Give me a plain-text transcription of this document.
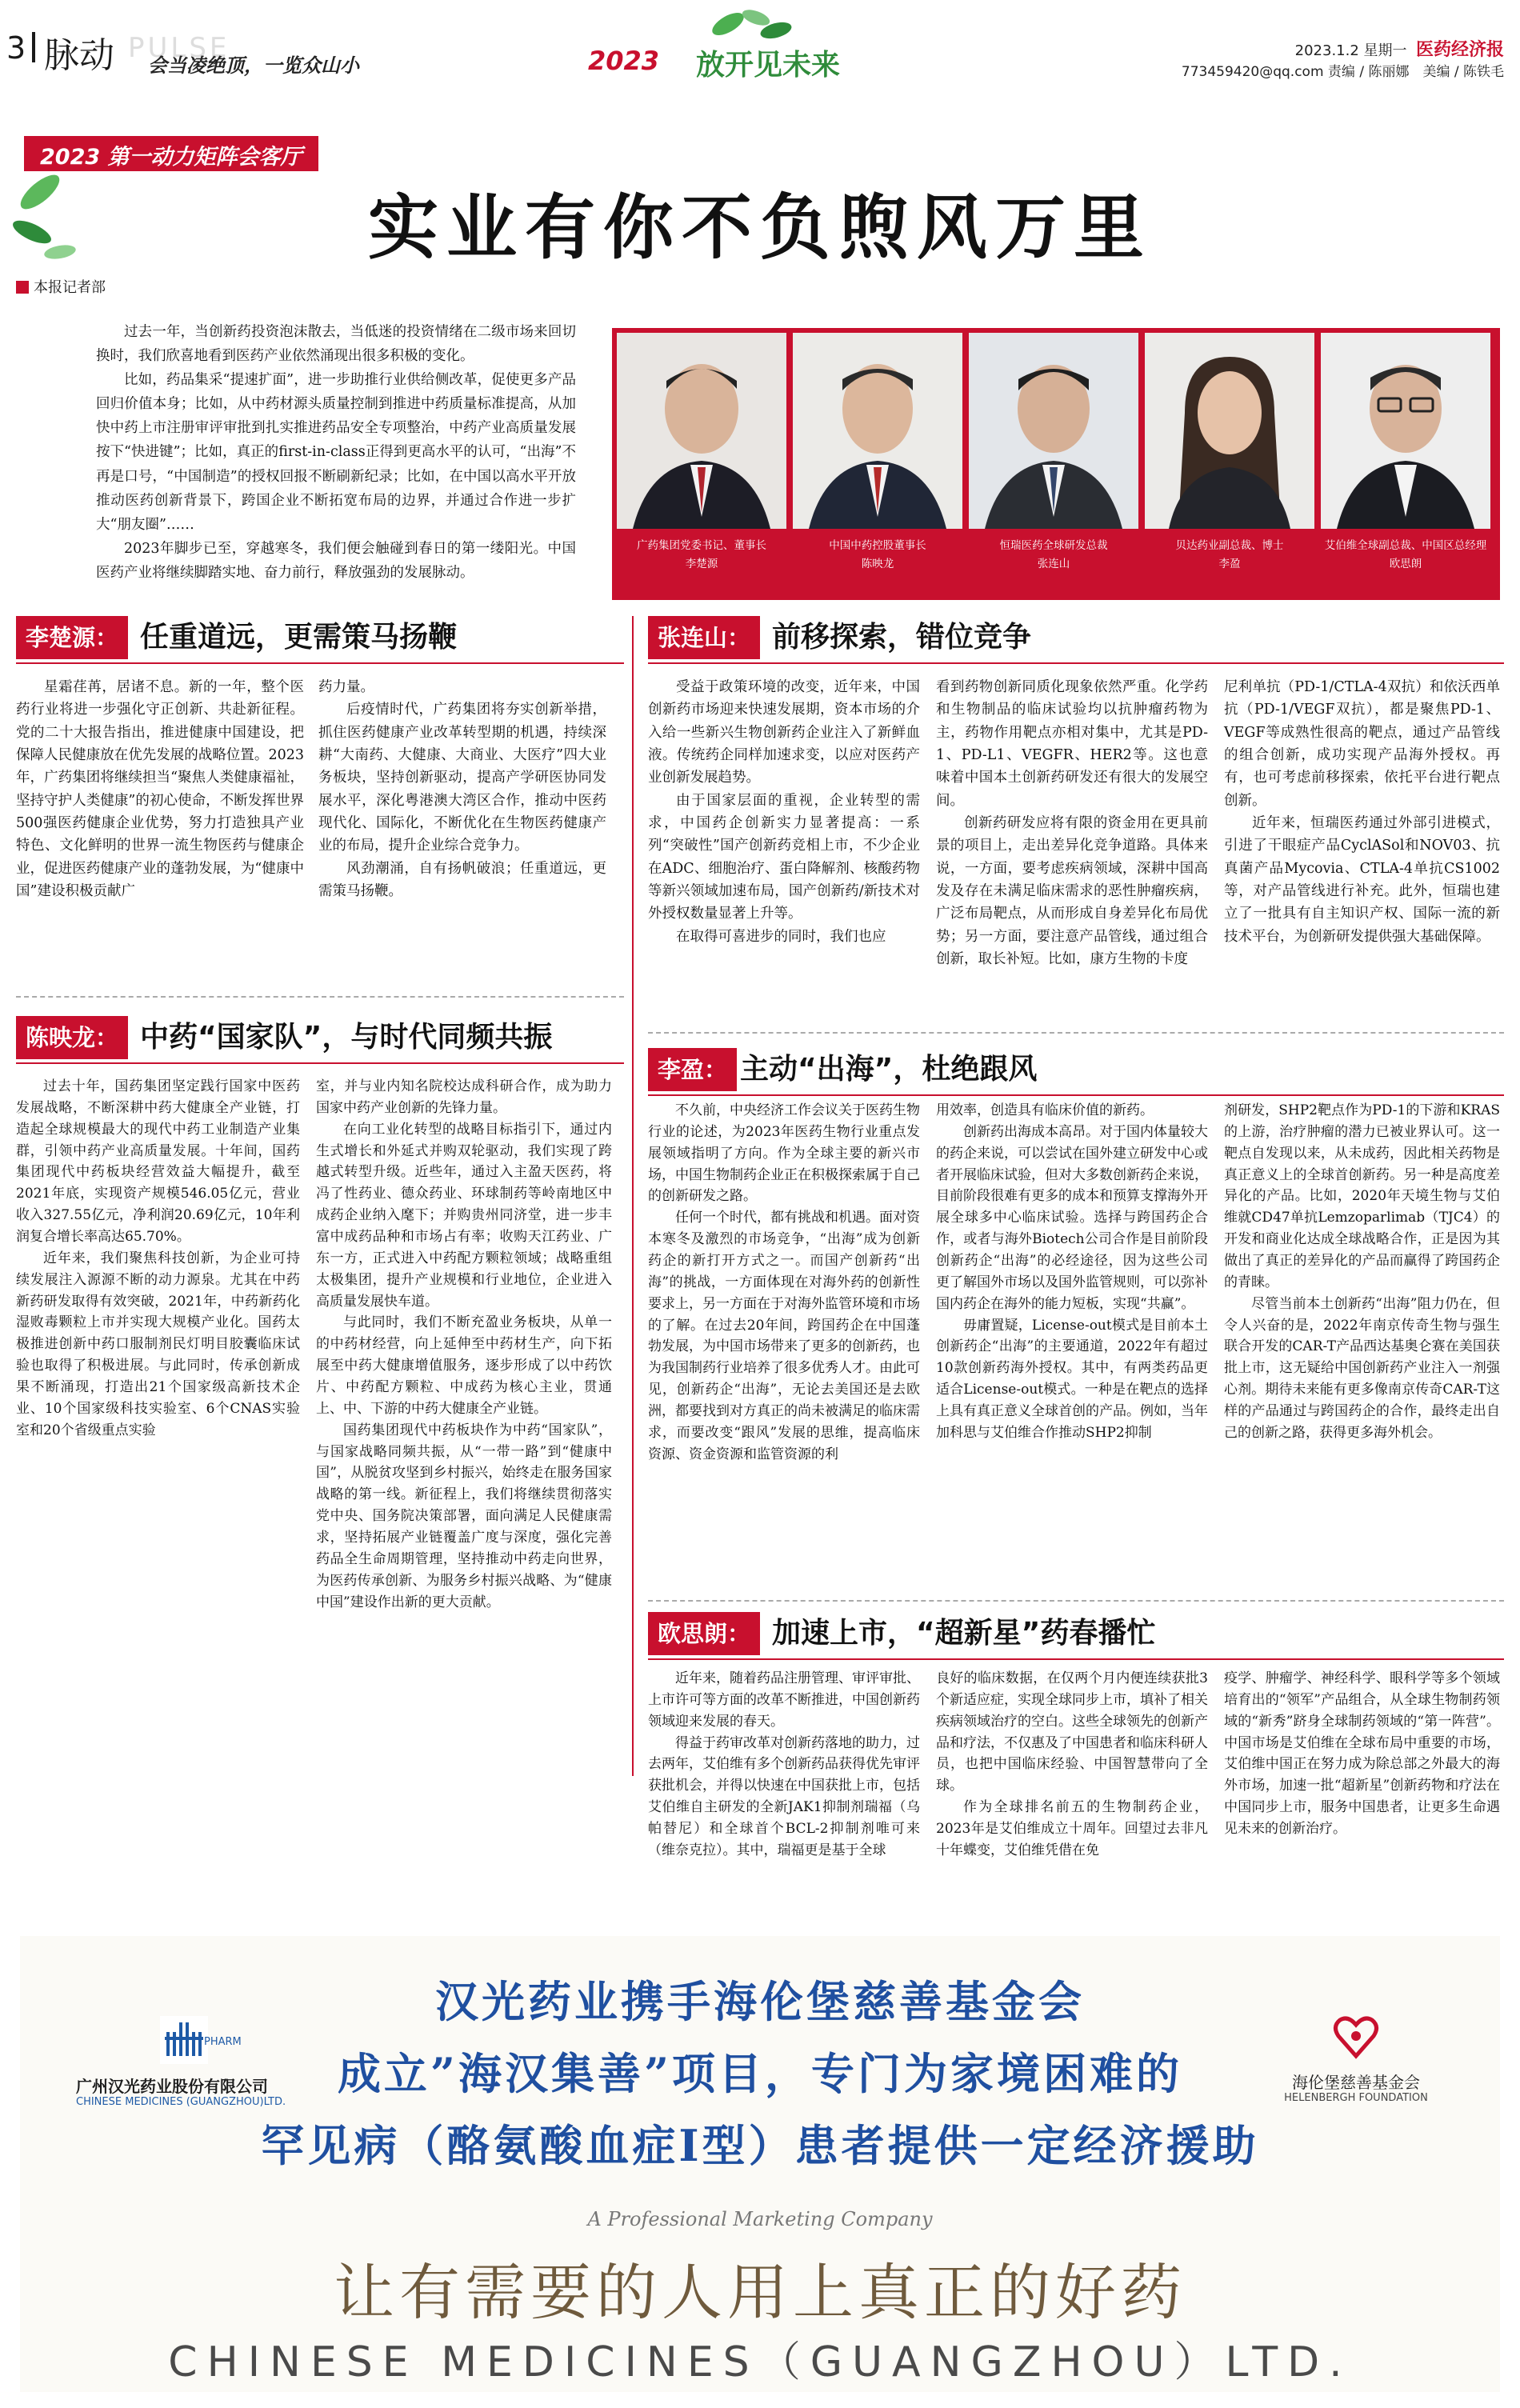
3 脉动 PULSE
会当凌绝顶，一览众山小	2023 放开见未来	2023.1.2 星期一 医药经济报
773459420@qq.com 责编 / 陈丽娜　美编 / 陈铁毛
2023 第一动力矩阵会客厅
实业有你不负煦风万里
本报记者部

过去一年，当创新药投资泡沫散去，当低迷的投资情绪在二级市场来回切换时，我们欣喜地看到医药产业依然涌现出很多积极的变化。

比如，药品集采“提速扩面”，进一步助推行业供给侧改革，促使更多产品回归价值本身；比如，从中药材源头质量控制到推进中药质量标准提高，从加快中药上市注册审评审批到扎实推进药品安全专项整治，中药产业高质量发展按下“快进键”；比如，真正的first-in-class正得到更高水平的认可，“出海”不再是口号，“中国制造”的授权回报不断刷新纪录；比如，在中国以高水平开放推动医药创新背景下，跨国企业不断拓宽布局的边界，并通过合作进一步扩大“朋友圈”……

2023年脚步已至，穿越寒冬，我们便会触碰到春日的第一缕阳光。中国医药产业将继续脚踏实地、奋力前行，释放强劲的发展脉动。

广药集团党委书记、董事长
李楚源
中国中药控股董事长
陈映龙
恒瑞医药全球研发总裁
张连山
贝达药业副总裁、博士
李盈
艾伯维全球副总裁、中国区总经理
欧思朗
李楚源： 任重道远，更需策马扬鞭

星霜荏苒，居诸不息。新的一年，整个医药行业将进一步强化守正创新、共赴新征程。党的二十大报告指出，推进健康中国建设，把保障人民健康放在优先发展的战略位置。2023年，广药集团将继续担当“聚焦人类健康福祉，坚持守护人类健康”的初心使命，不断发挥世界500强医药健康企业优势，努力打造独具产业特色、文化鲜明的世界一流生物医药与健康企业，促进医药健康产业的蓬勃发展，为“健康中国”建设积极贡献广

药力量。

后疫情时代，广药集团将夯实创新举措，抓住医药健康产业改革转型期的机遇，持续深耕“大南药、大健康、大商业、大医疗”四大业务板块，坚持创新驱动，提高产学研医协同发展水平，深化粤港澳大湾区合作，推动中医药现代化、国际化，不断优化在生物医药健康产业的布局，提升企业综合竞争力。

风劲潮涌，自有扬帆破浪；任重道远，更需策马扬鞭。

张连山： 前移探索，错位竞争

受益于政策环境的改变，近年来，中国创新药市场迎来快速发展期，资本市场的介入给一些新兴生物创新药企业注入了新鲜血液。传统药企同样加速求变，以应对医药产业创新发展趋势。

由于国家层面的重视，企业转型的需求，中国药企创新实力显著提高：一系列“突破性”国产创新药竞相上市，不少企业在ADC、细胞治疗、蛋白降解剂、核酸药物等新兴领域加速布局，国产创新药/新技术对外授权数量显著上升等。

在取得可喜进步的同时，我们也应

看到药物创新同质化现象依然严重。化学药和生物制品的临床试验均以抗肿瘤药物为主，药物作用靶点亦相对集中，尤其是PD-1、PD-L1、VEGFR、HER2等。这也意味着中国本土创新药研发还有很大的发展空间。

创新药研发应将有限的资金用在更具前景的项目上，走出差异化竞争道路。具体来说，一方面，要考虑疾病领域，深耕中国高发及存在未满足临床需求的恶性肿瘤疾病，广泛布局靶点，从而形成自身差异化布局优势；另一方面，要注意产品管线，通过组合创新，取长补短。比如，康方生物的卡度

尼利单抗（PD-1/CTLA-4双抗）和依沃西单抗（PD-1/VEGF双抗），都是聚焦PD-1、VEGF等成熟性很高的靶点，通过产品管线的组合创新，成功实现产品海外授权。再有，也可考虑前移探索，依托平台进行靶点创新。

近年来，恒瑞医药通过外部引进模式，引进了干眼症产品CyclASol和NOV03、抗真菌产品Mycovia、CTLA-4单抗CS1002等，对产品管线进行补充。此外，恒瑞也建立了一批具有自主知识产权、国际一流的新技术平台，为创新研发提供强大基础保障。

陈映龙： 中药“国家队”，与时代同频共振

过去十年，国药集团坚定践行国家中医药发展战略，不断深耕中药大健康全产业链，打造起全球规模最大的现代中药工业制造产业集群，引领中药产业高质量发展。十年间，国药集团现代中药板块经营效益大幅提升，截至2021年底，实现资产规模546.05亿元，营业收入327.55亿元，净利润20.69亿元，10年利润复合增长率高达65.70%。

近年来，我们聚焦科技创新，为企业可持续发展注入源源不断的动力源泉。尤其在中药新药研发取得有效突破，2021年，中药新药化湿败毒颗粒上市并实现大规模产业化。国药太极推进创新中药口服制剂民灯明目胶囊临床试验也取得了积极进展。与此同时，传承创新成果不断涌现，打造出21个国家级高新技术企业、10个国家级科技实验室、6个CNAS实验室和20个省级重点实验

室，并与业内知名院校达成科研合作，成为助力国家中药产业创新的先锋力量。

在向工业化转型的战略目标指引下，通过内生式增长和外延式并购双轮驱动，我们实现了跨越式转型升级。近些年，通过入主盈天医药，将冯了性药业、德众药业、环球制药等岭南地区中成药企业纳入麾下；并购贵州同济堂，进一步丰富中成药品种和市场占有率；收购天江药业、广东一方，正式进入中药配方颗粒领域；战略重组太极集团，提升产业规模和行业地位，企业进入高质量发展快车道。

与此同时，我们不断充盈业务板块，从单一的中药材经营，向上延伸至中药材生产，向下拓展至中药大健康增值服务，逐步形成了以中药饮片、中药配方颗粒、中成药为核心主业，贯通上、中、下游的中药大健康全产业链。

国药集团现代中药板块作为中药“国家队”，与国家战略同频共振，从“一带一路”到“健康中国”，从脱贫攻坚到乡村振兴，始终走在服务国家战略的第一线。新征程上，我们将继续贯彻落实党中央、国务院决策部署，面向满足人民健康需求，坚持拓展产业链覆盖广度与深度，强化完善药品全生命周期管理，坚持推动中药走向世界，为医药传承创新、为服务乡村振兴战略、为“健康中国”建设作出新的更大贡献。

李盈： 主动“出海”，杜绝跟风

不久前，中央经济工作会议关于医药生物行业的论述，为2023年医药生物行业重点发展领域指明了方向。作为全球主要的新兴市场，中国生物制药企业正在积极探索属于自己的创新研发之路。

任何一个时代，都有挑战和机遇。面对资本寒冬及激烈的市场竞争，“出海”成为创新药企的新打开方式之一。而国产创新药“出海”的挑战，一方面体现在对海外药的创新性要求上，另一方面在于对海外监管环境和市场的了解。在过去20年间，跨国药企在中国蓬勃发展，为中国市场带来了更多的创新药，也为我国制药行业培养了很多优秀人才。由此可见，创新药企“出海”，无论去美国还是去欧洲，都要找到对方真正的尚未被满足的临床需求，而要改变“跟风”发展的思维，提高临床资源、资金资源和监管资源的利

用效率，创造具有临床价值的新药。

创新药出海成本高昂。对于国内体量较大的药企来说，可以尝试在国外建立研发中心或者开展临床试验，但对大多数创新药企来说，目前阶段很难有更多的成本和预算支撑海外开展全球多中心临床试验。选择与跨国药企合作，或者与海外Biotech公司合作是目前阶段创新药企“出海”的必经途径，因为这些公司更了解国外市场以及国外监管规则，可以弥补国内药企在海外的能力短板，实现“共赢”。

毋庸置疑，License-out模式是目前本土创新药企“出海”的主要通道，2022年有超过10款创新药海外授权。其中，有两类药品更适合License-out模式。一种是在靶点的选择上具有真正意义全球首创的产品。例如，当年加科思与艾伯维合作推动SHP2抑制

剂研发，SHP2靶点作为PD-1的下游和KRAS的上游，治疗肿瘤的潜力已被业界认可。这一靶点自发现以来，从未成药，因此相关药物是真正意义上的全球首创新药。另一种是高度差异化的产品。比如，2020年天境生物与艾伯维就CD47单抗Lemzoparlimab（TJC4）的开发和商业化达成全球战略合作，正是因为其做出了真正的差异化的产品而赢得了跨国药企的青睐。

尽管当前本土创新药“出海”阻力仍在，但令人兴奋的是，2022年南京传奇生物与强生联合开发的CAR-T产品西达基奥仑赛在美国获批上市，这无疑给中国创新药产业注入一剂强心剂。期待未来能有更多像南京传奇CAR-T这样的产品通过与跨国药企的合作，最终走出自己的创新之路，获得更多海外机会。

欧思朗： 加速上市，“超新星”药春播忙

近年来，随着药品注册管理、审评审批、上市许可等方面的改革不断推进，中国创新药领域迎来发展的春天。

得益于药审改革对创新药落地的助力，过去两年，艾伯维有多个创新药品获得优先审评获批机会，并得以快速在中国获批上市，包括艾伯维自主研发的全新JAK1抑制剂瑞福（乌帕替尼）和全球首个BCL-2抑制剂唯可来（维奈克拉）。其中，瑞福更是基于全球

良好的临床数据，在仅两个月内便连续获批3个新适应症，实现全球同步上市，填补了相关疾病领域治疗的空白。这些全球领先的创新产品和疗法，不仅惠及了中国患者和临床科研人员，也把中国临床经验、中国智慧带向了全球。

作为全球排名前五的生物制药企业，2023年是艾伯维成立十周年。回望过去非凡十年蝶变，艾伯维凭借在免

疫学、肿瘤学、神经科学、眼科学等多个领域培育出的“领军”产品组合，从全球生物制药领域的“新秀”跻身全球制药领域的“第一阵营”。中国市场是艾伯维在全球布局中重要的市场，艾伯维中国正在努力成为除总部之外最大的海外市场，加速一批“超新星”创新药物和疗法在中国同步上市，服务中国患者，让更多生命遇见未来的创新治疗。

PHARM
广州汉光药业股份有限公司
CHINESE MEDICINES (GUANGZHOU)LTD.
海伦堡慈善基金会
HELENBERGH FOUNDATION
汉光药业携手海伦堡慈善基金会
成立”海汉集善”项目，专门为家境困难的
罕见病（酪氨酸血症I型）患者提供一定经济援助
A Professional Marketing Company
让有需要的人用上真正的好药
CHINESE MEDICINES（GUANGZHOU）LTD.
